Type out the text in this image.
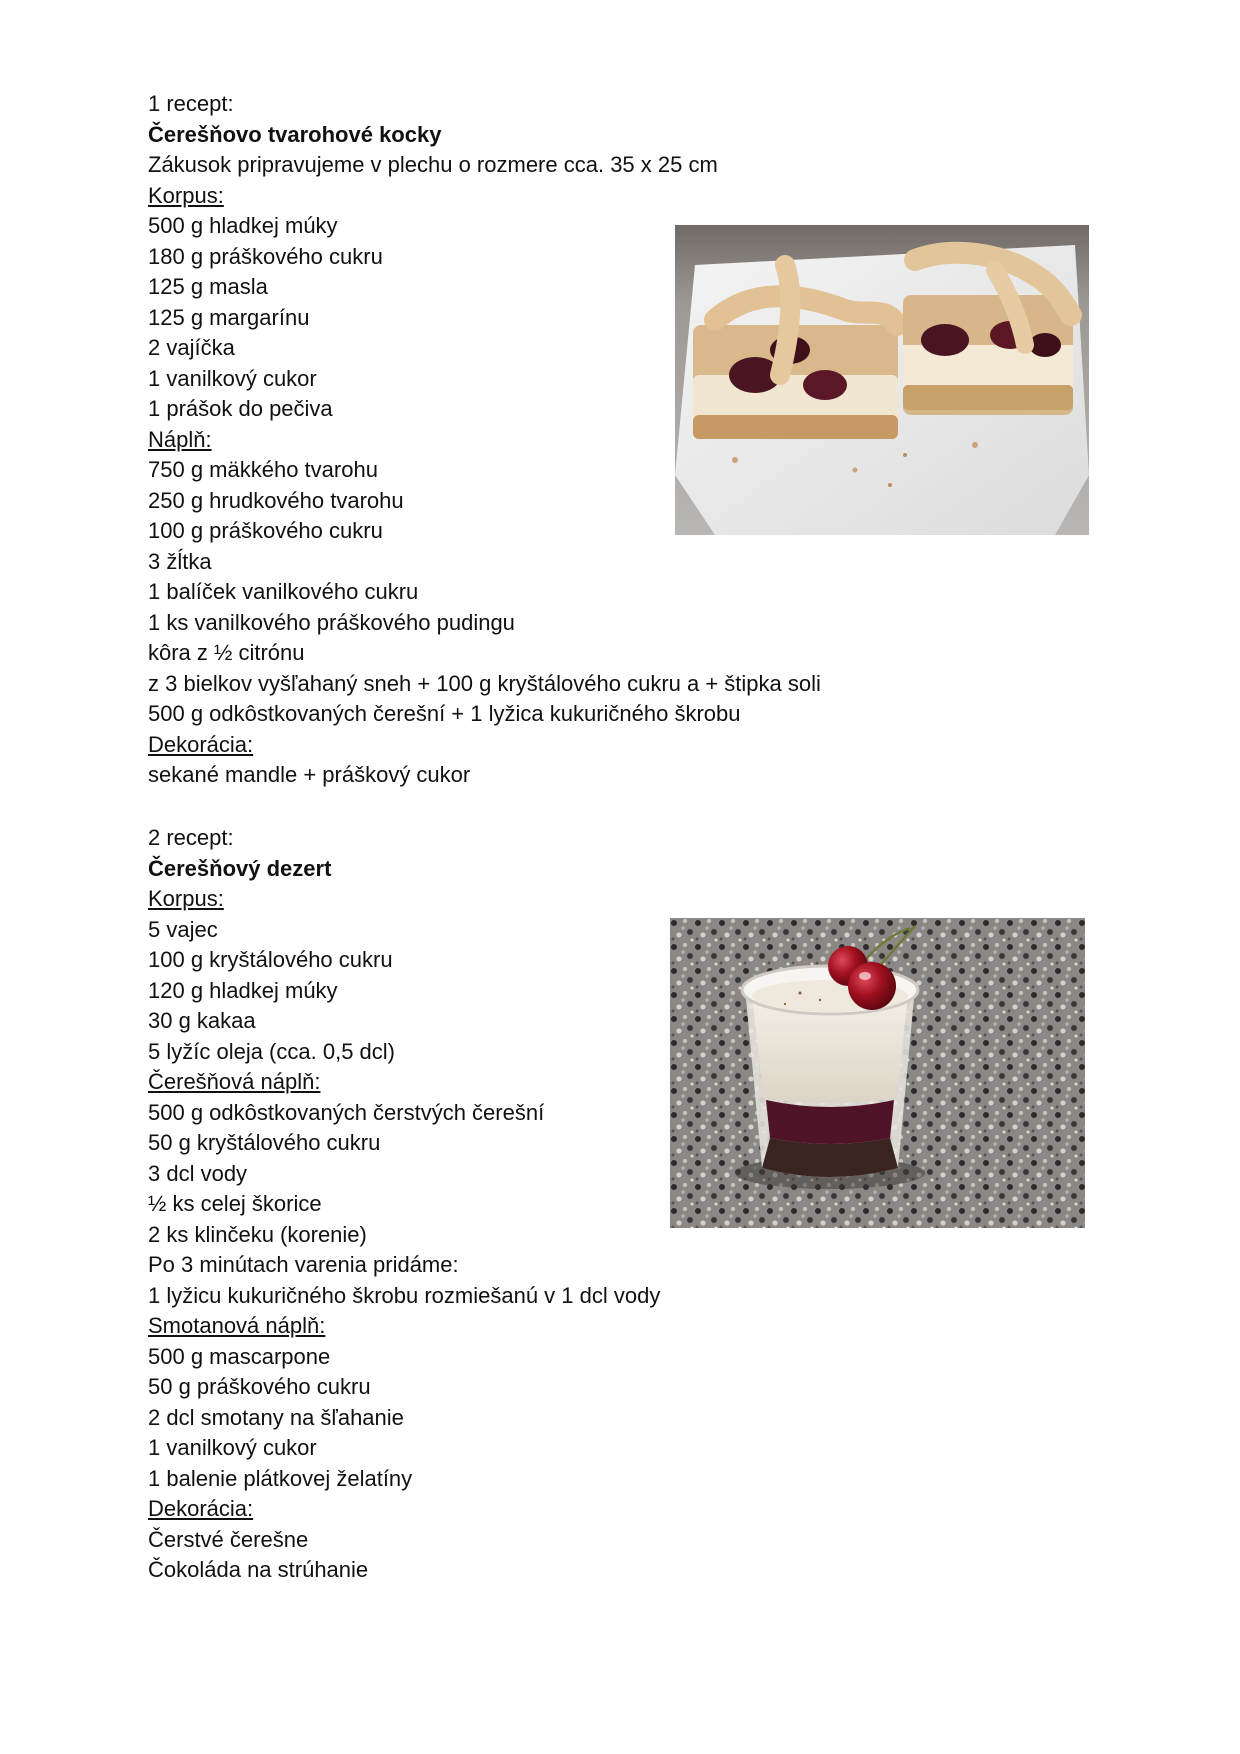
1 recept:
Čerešňovo tvarohové kocky
Zákusok pripravujeme v plechu o rozmere cca. 35 x 25 cm
Korpus:
500 g hladkej múky
180 g práškového cukru
125 g masla
125 g margarínu
2 vajíčka
1 vanilkový cukor
1 prášok do pečiva
Náplň:
750 g mäkkého tvarohu
250 g hrudkového tvarohu
100 g práškového cukru
3 žĺtka
1 balíček vanilkového cukru
1 ks vanilkového práškového pudingu
kôra z ½ citrónu
z 3 bielkov vyšľahaný sneh + 100 g kryštálového cukru a + štipka soli
500 g odkôstkovaných čerešní + 1 lyžica kukuričného škrobu
Dekorácia:
sekané mandle + práškový cukor
2 recept:
Čerešňový dezert
Korpus:
5 vajec
100 g kryštálového cukru
120 g hladkej múky
30 g kakaa
5 lyžíc oleja (cca. 0,5 dcl)
Čerešňová náplň:
500 g odkôstkovaných čerstvých čerešní
50 g kryštálového cukru
3 dcl vody
½ ks celej škorice
2 ks klinčeku (korenie)
Po 3 minútach varenia pridáme:
1 lyžicu kukuričného škrobu rozmiešanú v 1 dcl vody
Smotanová náplň:
500 g mascarpone
50 g práškového cukru
2 dcl smotany na šľahanie
1 vanilkový cukor
1 balenie plátkovej želatíny
Dekorácia:
Čerstvé čerešne
Čokoláda na strúhanie
